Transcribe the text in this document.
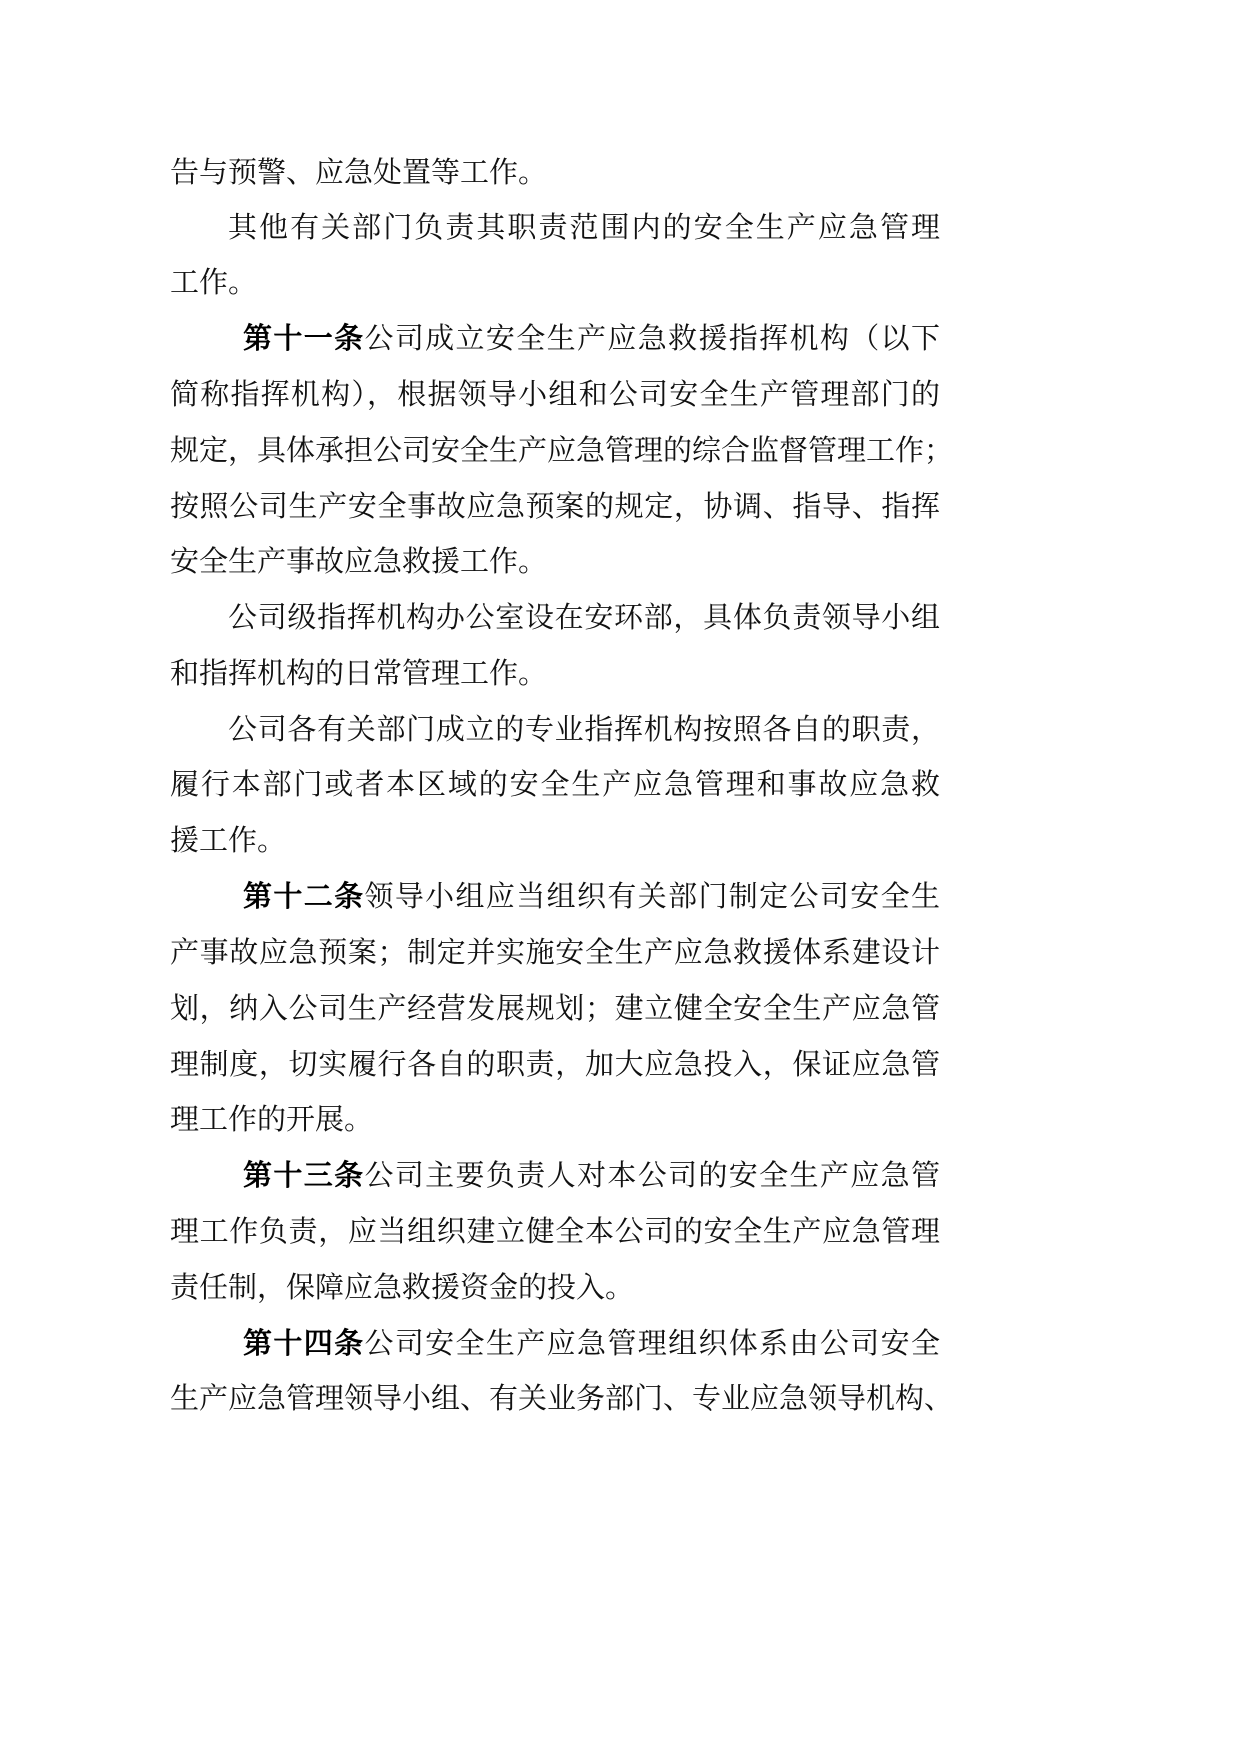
告与预警、应急处置等工作。
其他有关部门负责其职责范围内的安全生产应急管理
工作。
第十一条公司成立安全生产应急救援指挥机构（以下
简称指挥机构），根据领导小组和公司安全生产管理部门的
规定，具体承担公司安全生产应急管理的综合监督管理工作；
按照公司生产安全事故应急预案的规定，协调、指导、指挥
安全生产事故应急救援工作。
公司级指挥机构办公室设在安环部，具体负责领导小组
和指挥机构的日常管理工作。
公司各有关部门成立的专业指挥机构按照各自的职责，
履行本部门或者本区域的安全生产应急管理和事故应急救
援工作。
第十二条领导小组应当组织有关部门制定公司安全生
产事故应急预案；制定并实施安全生产应急救援体系建设计
划，纳入公司生产经营发展规划；建立健全安全生产应急管
理制度，切实履行各自的职责，加大应急投入，保证应急管
理工作的开展。
第十三条公司主要负责人对本公司的安全生产应急管
理工作负责，应当组织建立健全本公司的安全生产应急管理
责任制，保障应急救援资金的投入。
第十四条公司安全生产应急管理组织体系由公司安全
生产应急管理领导小组、有关业务部门、专业应急领导机构、
